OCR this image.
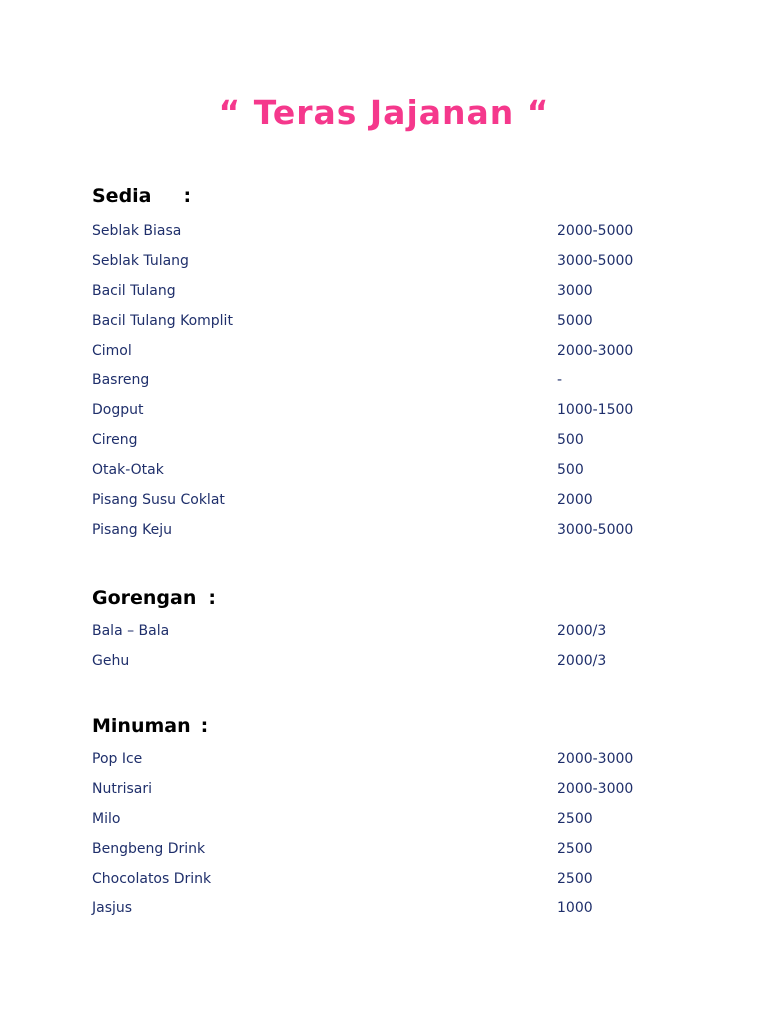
“ Teras Jajanan “
Sedia :
Seblak Biasa	2000-5000
Seblak Tulang	3000-5000
Bacil Tulang	3000
Bacil Tulang Komplit	5000
Cimol	2000-3000
Basreng	-
Dogput	1000-1500
Cireng	500
Otak-Otak	500
Pisang Susu Coklat	2000
Pisang Keju	3000-5000
Gorengan :
Bala – Bala	2000/3
Gehu	2000/3
Minuman :
Pop Ice	2000-3000
Nutrisari	2000-3000
Milo	2500
Bengbeng Drink	2500
Chocolatos Drink	2500
Jasjus	1000
